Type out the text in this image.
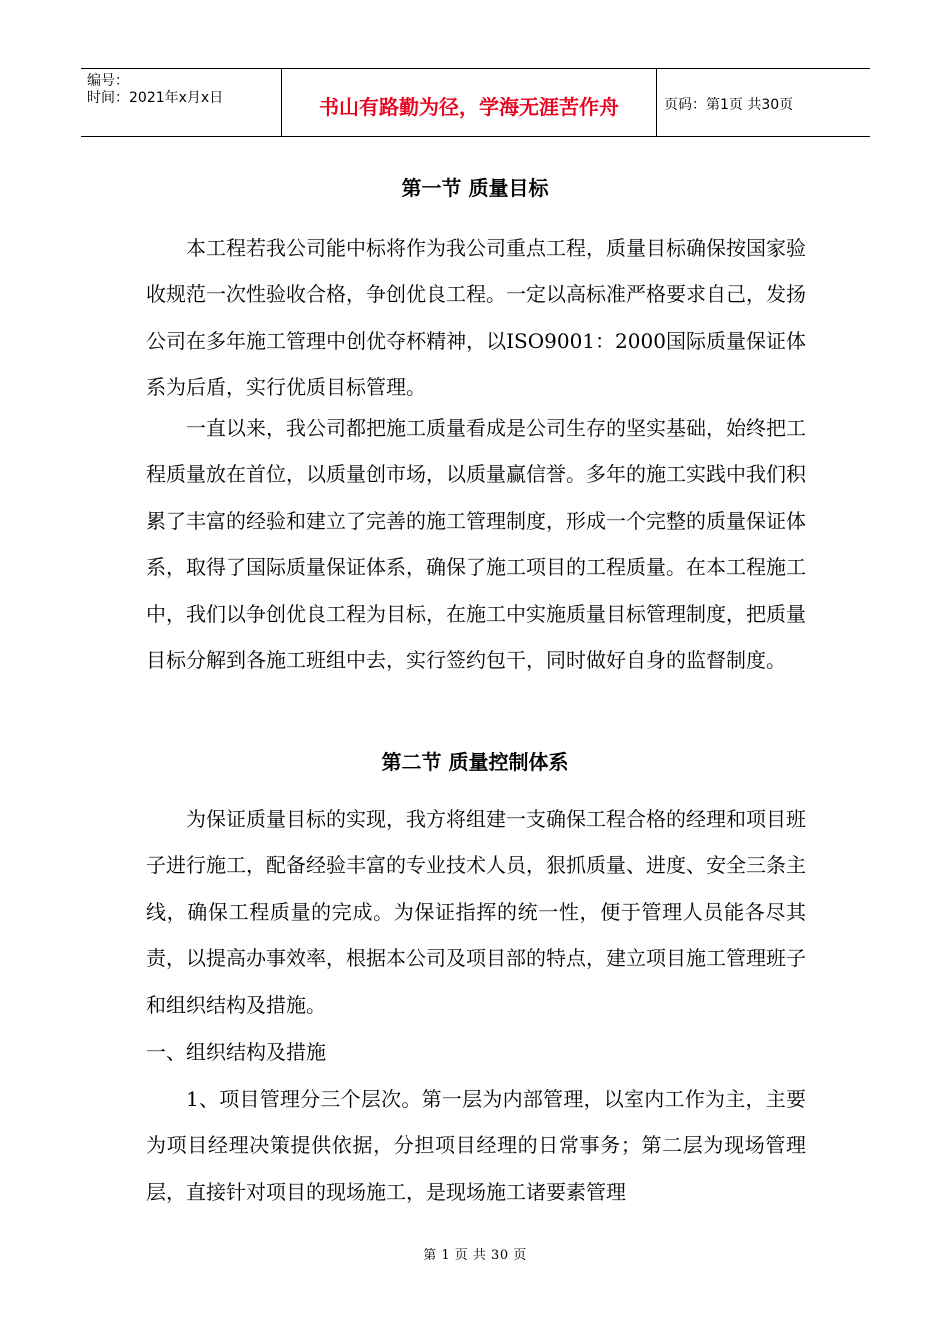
编号：
时间：2021年x月x日	书山有路勤为径，学海无涯苦作舟	页码：第1页 共30页
第一节 质量目标

本工程若我公司能中标将作为我公司重点工程，质量目标确保按国家验收规范一次性验收合格，争创优良工程。一定以高标准严格要求自己，发扬公司在多年施工管理中创优夺杯精神，以ISO9001：2000国际质量保证体系为后盾，实行优质目标管理。

一直以来，我公司都把施工质量看成是公司生存的坚实基础，始终把工程质量放在首位，以质量创市场，以质量赢信誉。多年的施工实践中我们积累了丰富的经验和建立了完善的施工管理制度，形成一个完整的质量保证体系，取得了国际质量保证体系，确保了施工项目的工程质量。在本工程施工中，我们以争创优良工程为目标，在施工中实施质量目标管理制度，把质量目标分解到各施工班组中去，实行签约包干，同时做好自身的监督制度。

第二节 质量控制体系

为保证质量目标的实现，我方将组建一支确保工程合格的经理和项目班子进行施工，配备经验丰富的专业技术人员，狠抓质量、进度、安全三条主线，确保工程质量的完成。为保证指挥的统一性，便于管理人员能各尽其责，以提高办事效率，根据本公司及项目部的特点，建立项目施工管理班子和组织结构及措施。

一、组织结构及措施

1、项目管理分三个层次。第一层为内部管理，以室内工作为主，主要为项目经理决策提供依据，分担项目经理的日常事务；第二层为现场管理层，直接针对项目的现场施工，是现场施工诸要素管理

第 1 页 共 30 页
